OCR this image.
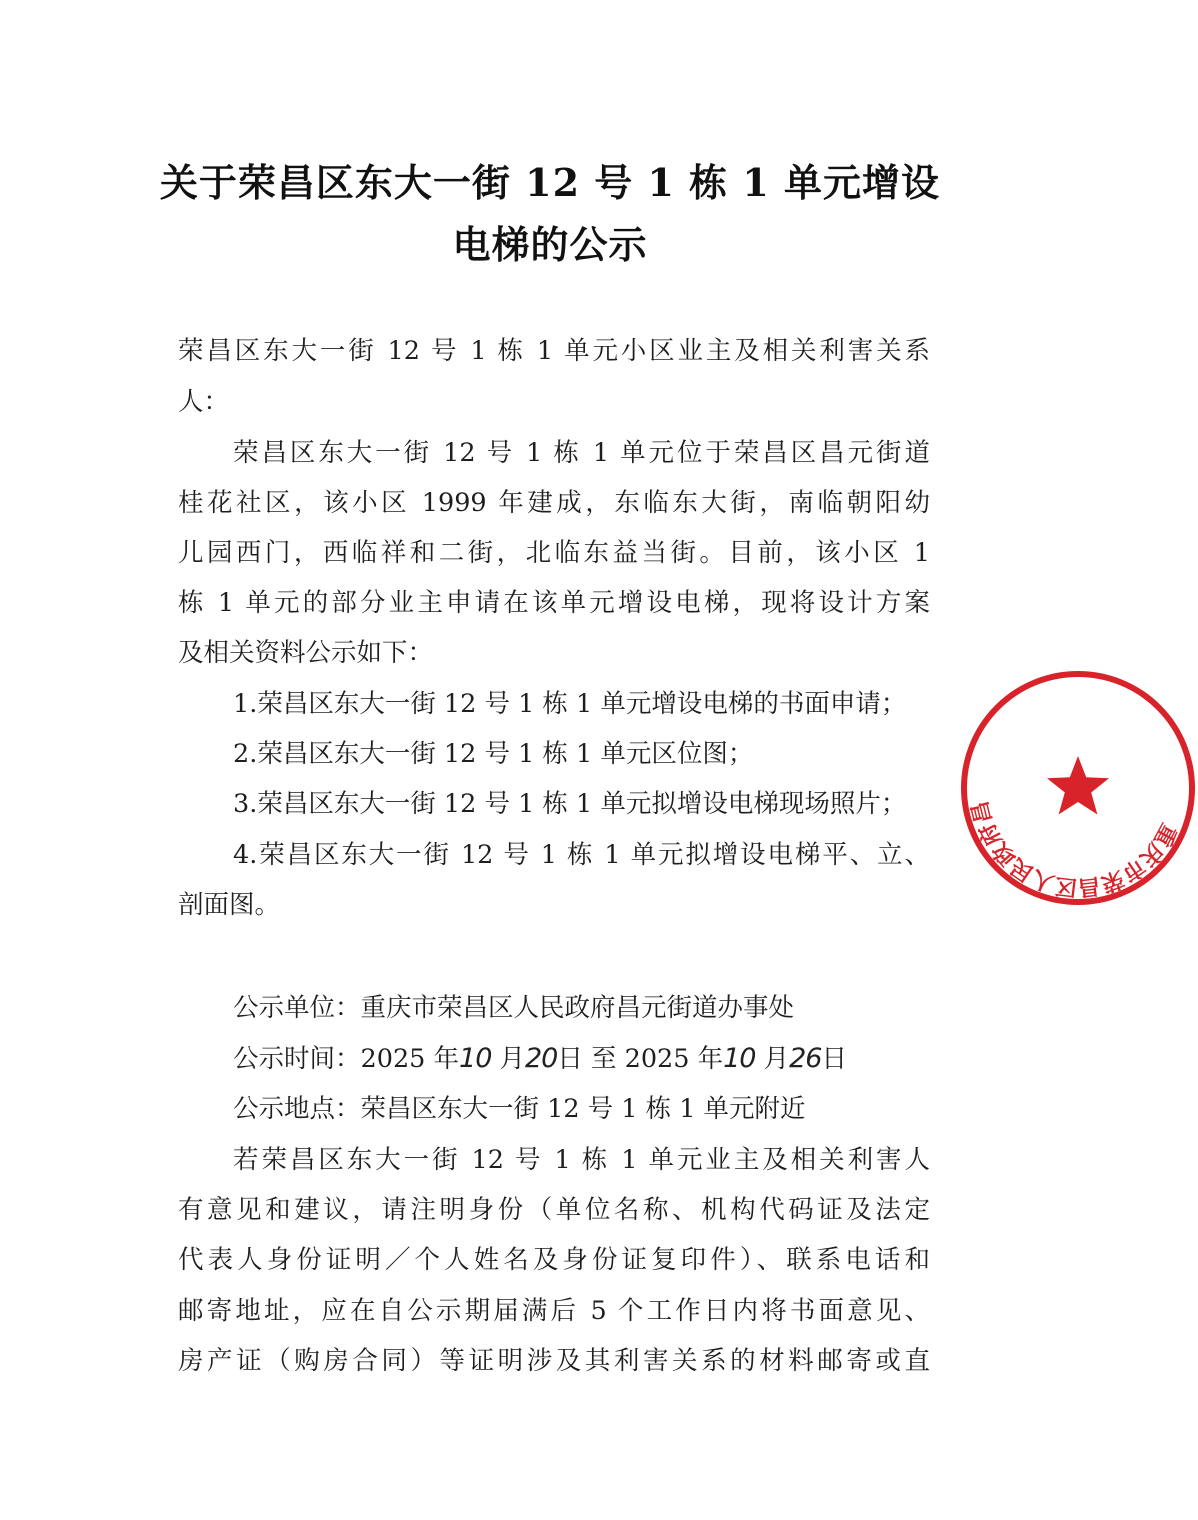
关于荣昌区东大一街 12 号 1 栋 1 单元增设
电梯的公示
荣昌区东大一街 12 号 1 栋 1 单元小区业主及相关利害关系
人：
荣昌区东大一街 12 号 1 栋 1 单元位于荣昌区昌元街道
桂花社区，该小区 1999 年建成，东临东大街，南临朝阳幼
儿园西门，西临祥和二街，北临东益当街。目前，该小区 1
栋 1 单元的部分业主申请在该单元增设电梯，现将设计方案
及相关资料公示如下：
1.荣昌区东大一街 12 号 1 栋 1 单元增设电梯的书面申请；
2.荣昌区东大一街 12 号 1 栋 1 单元区位图；
3.荣昌区东大一街 12 号 1 栋 1 单元拟增设电梯现场照片；
4.荣昌区东大一街 12 号 1 栋 1 单元拟增设电梯平、立、
剖面图。
公示单位：重庆市荣昌区人民政府昌元街道办事处
公示时间：2025 年10 月20日 至 2025 年10 月26日
公示地点：荣昌区东大一街 12 号 1 栋 1 单元附近
若荣昌区东大一街 12 号 1 栋 1 单元业主及相关利害人
有意见和建议，请注明身份（单位名称、机构代码证及法定
代表人身份证明／个人姓名及身份证复印件）、联系电话和
邮寄地址，应在自公示期届满后 5 个工作日内将书面意见、
房产证（购房合同）等证明涉及其利害关系的材料邮寄或直
重庆市荣昌区人民政府昌
